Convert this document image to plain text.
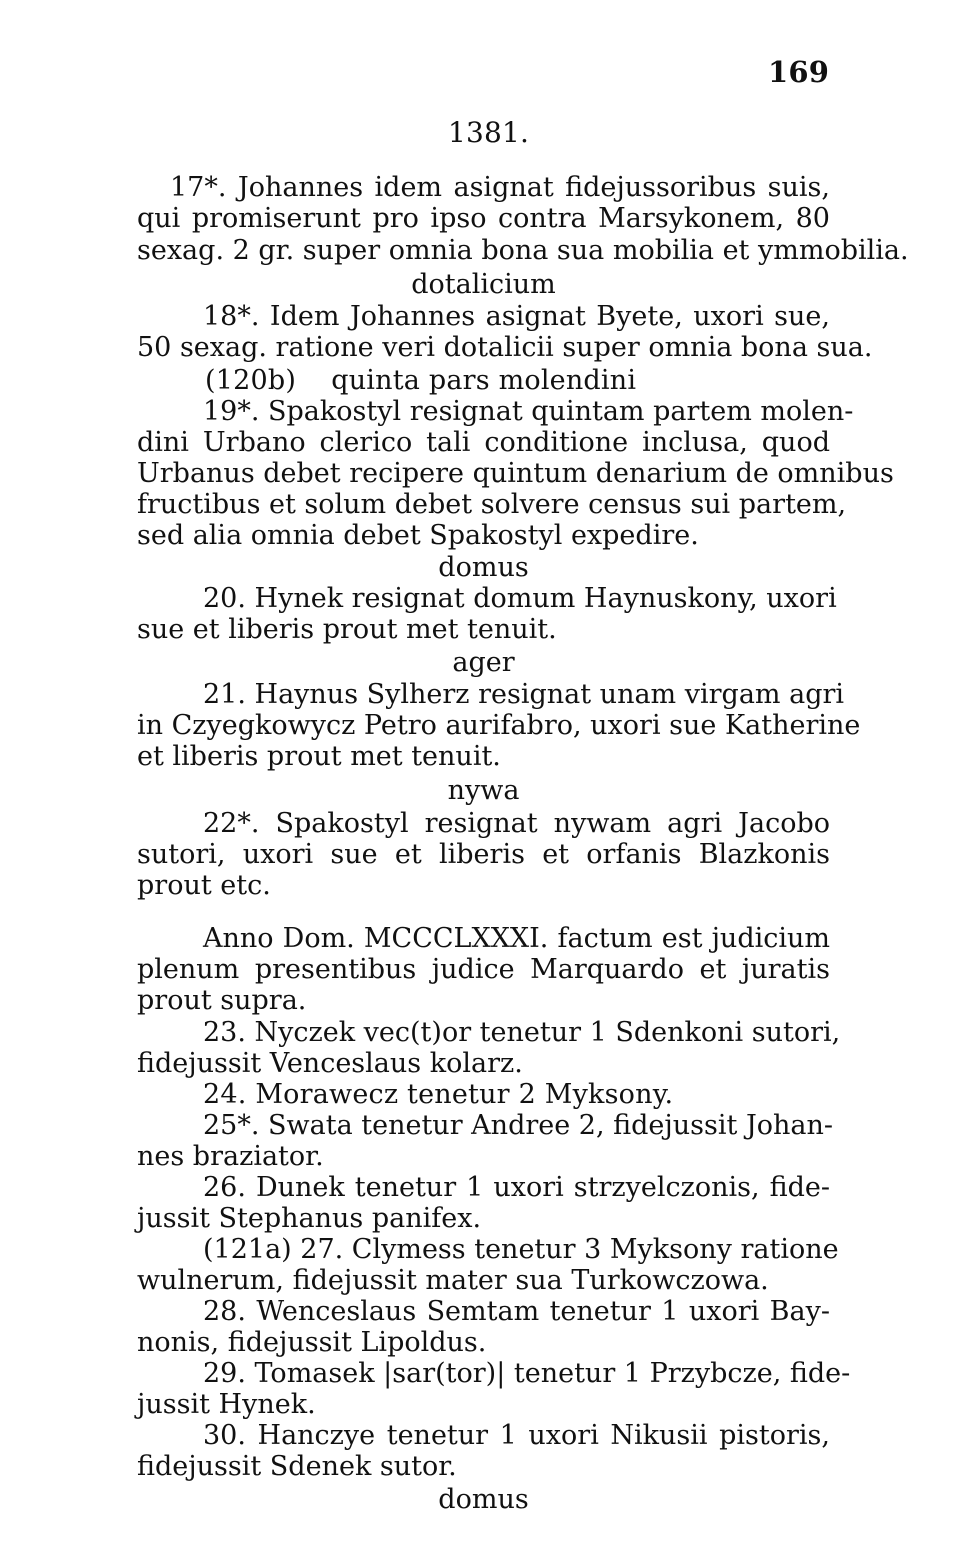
169
1381.
17*. Johannes idem asignat fidejussoribus suis,
qui promiserunt pro ipso contra Marsykonem, 80
sexag. 2 gr. super omnia bona sua mobilia et ymmobilia.
dotalicium
18*. Idem Johannes asignat Byete, uxori sue,
50 sexag. ratione veri dotalicii super omnia bona sua.
(120b)    quinta pars molendini
19*. Spakostyl resignat quintam partem molen-
dini Urbano clerico tali conditione inclusa, quod
Urbanus debet recipere quintum denarium de omnibus
fructibus et solum debet solvere census sui partem,
sed alia omnia debet Spakostyl expedire.
domus
20. Hynek resignat domum Haynuskony, uxori
sue et liberis prout met tenuit.
ager
21. Haynus Sylherz resignat unam virgam agri
in Czyegkowycz Petro aurifabro, uxori sue Katherine
et liberis prout met tenuit.
nywa
22*. Spakostyl resignat nywam agri Jacobo
sutori, uxori sue et liberis et orfanis Blazkonis
prout etc.
Anno Dom. MCCCLXXXI. factum est judicium
plenum presentibus judice Marquardo et juratis
prout supra.
23. Nyczek vec(t)or tenetur 1 Sdenkoni sutori,
fidejussit Venceslaus kolarz.
24. Morawecz tenetur 2 Myksony.
25*. Swata tenetur Andree 2, fidejussit Johan-
nes braziator.
26. Dunek tenetur 1 uxori strzyelczonis, fide-
jussit Stephanus panifex.
(121a) 27. Clymess tenetur 3 Myksony ratione
wulnerum, fidejussit mater sua Turkowczowa.
28. Wenceslaus Semtam tenetur 1 uxori Bay-
nonis, fidejussit Lipoldus.
29. Tomasek |sar(tor)| tenetur 1 Przybcze, fide-
jussit Hynek.
30. Hanczye tenetur 1 uxori Nikusii pistoris,
fidejussit Sdenek sutor.
domus
